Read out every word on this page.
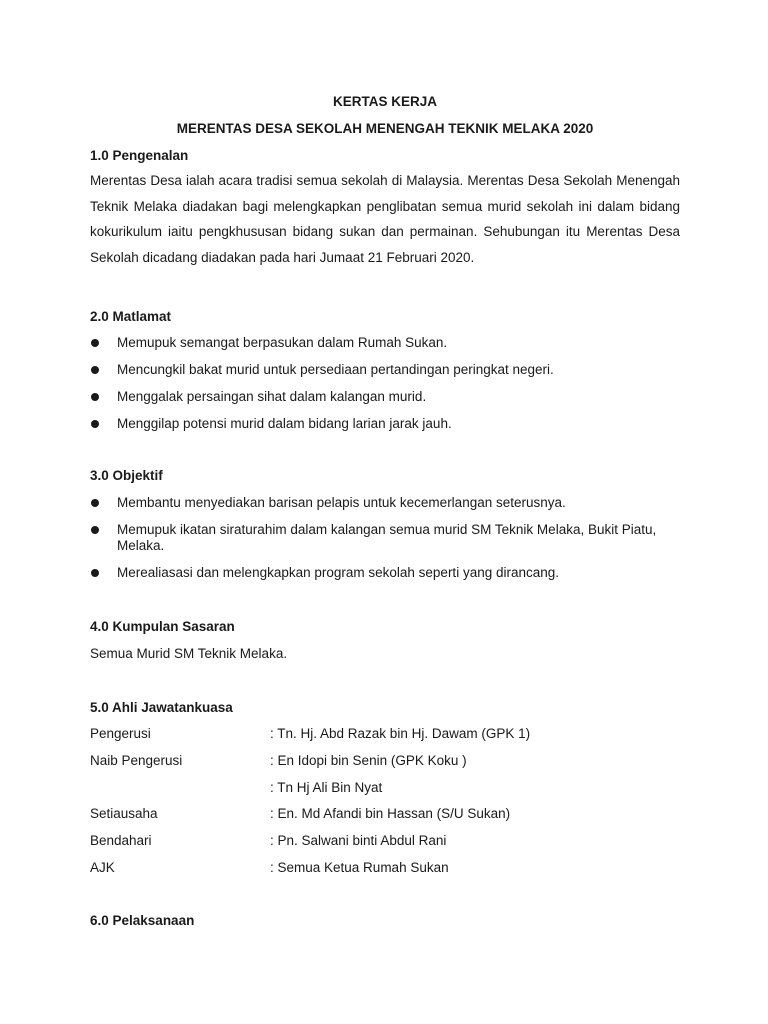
KERTAS KERJA
MERENTAS DESA SEKOLAH MENENGAH TEKNIK MELAKA 2020
1.0 Pengenalan

Merentas Desa ialah acara tradisi semua sekolah di Malaysia. Merentas Desa Sekolah Menengah Teknik Melaka diadakan bagi melengkapkan penglibatan semua murid sekolah ini dalam bidang kokurikulum iaitu pengkhususan bidang sukan dan permainan. Sehubungan itu Merentas Desa Sekolah dicadang diadakan pada hari Jumaat 21 Februari 2020.

2.0 Matlamat
Memupuk semangat berpasukan dalam Rumah Sukan.
Mencungkil bakat murid untuk persediaan pertandingan peringkat negeri.
Menggalak persaingan sihat dalam kalangan murid.
Menggilap potensi murid dalam bidang larian jarak jauh.
3.0 Objektif
Membantu menyediakan barisan pelapis untuk kecemerlangan seterusnya.
Memupuk ikatan siraturahim dalam kalangan semua murid SM Teknik Melaka, Bukit Piatu, Melaka.
Merealiasasi dan melengkapkan program sekolah seperti yang dirancang.
4.0 Kumpulan Sasaran
Semua Murid SM Teknik Melaka.
5.0 Ahli Jawatankuasa
Pengerusi	: Tn. Hj. Abd Razak bin Hj. Dawam (GPK 1)
Naib Pengerusi	: En Idopi bin Senin (GPK Koku )
: Tn Hj Ali Bin Nyat
Setiausaha	: En. Md Afandi bin Hassan (S/U Sukan)
Bendahari	: Pn. Salwani binti Abdul Rani
AJK	: Semua Ketua Rumah Sukan
6.0 Pelaksanaan
